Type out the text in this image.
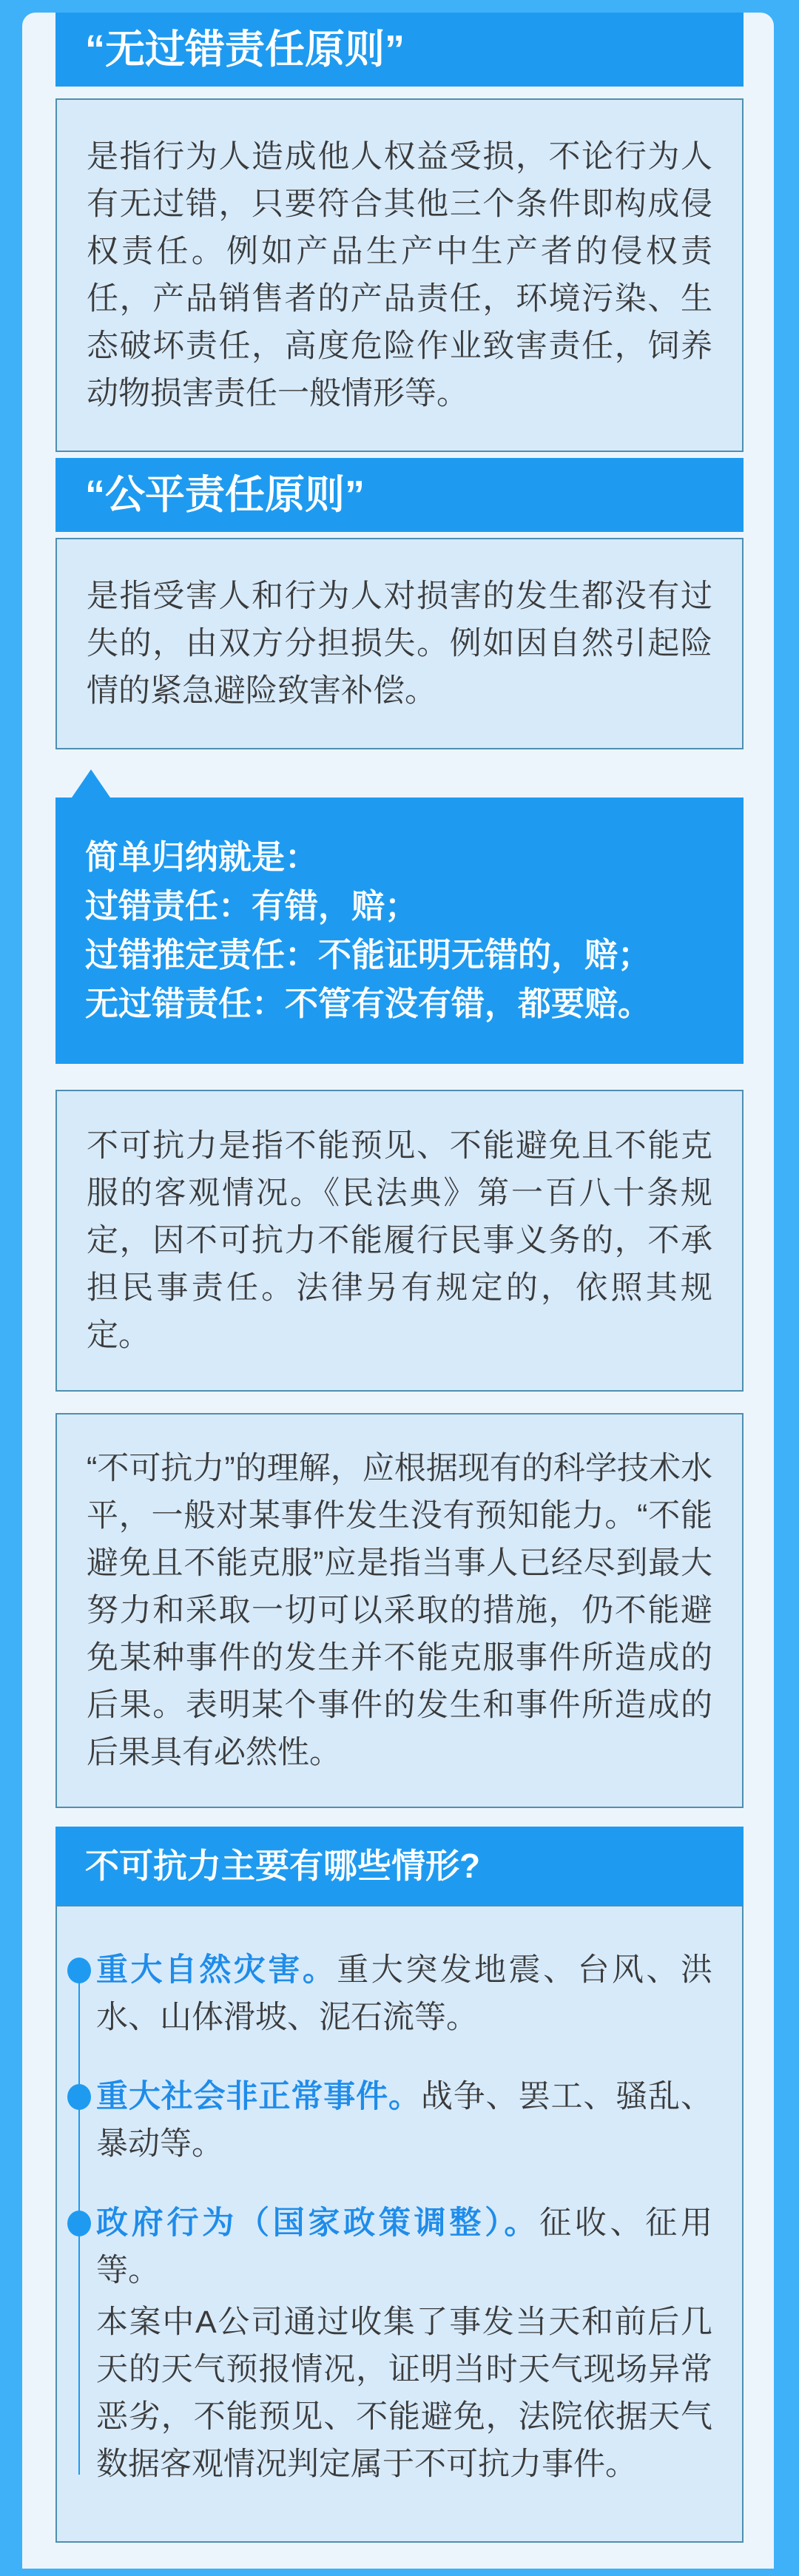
“无过错责任原则”

是指行为人造成他人权益受损，不论行为人有无过错，只要符合其他三个条件即构成侵权责任。例如产品生产中生产者的侵权责任，产品销售者的产品责任，环境污染、生态破坏责任，高度危险作业致害责任，饲养动物损害责任一般情形等。

“公平责任原则”

是指受害人和行为人对损害的发生都没有过失的，由双方分担损失。例如因自然引起险情的紧急避险致害补偿。

简单归纳就是：
过错责任：有错，赔；
过错推定责任：不能证明无错的，赔；
无过错责任：不管有没有错，都要赔。

不可抗力是指不能预见、不能避免且不能克服的客观情况。《民法典》第一百八十条规定，因不可抗力不能履行民事义务的，不承担民事责任。法律另有规定的，依照其规定。

“不可抗力”的理解，应根据现有的科学技术水平，一般对某事件发生没有预知能力。“不能避免且不能克服”应是指当事人已经尽到最大努力和采取一切可以采取的措施，仍不能避免某种事件的发生并不能克服事件所造成的后果。表明某个事件的发生和事件所造成的后果具有必然性。

不可抗力主要有哪些情形?

重大自然灾害。重大突发地震、台风、洪水、山体滑坡、泥石流等。

重大社会非正常事件。战争、罢工、骚乱、暴动等。

政府行为（国家政策调整）。征收、征用等。

本案中A公司通过收集了事发当天和前后几天的天气预报情况，证明当时天气现场异常恶劣，不能预见、不能避免，法院依据天气数据客观情况判定属于不可抗力事件。
